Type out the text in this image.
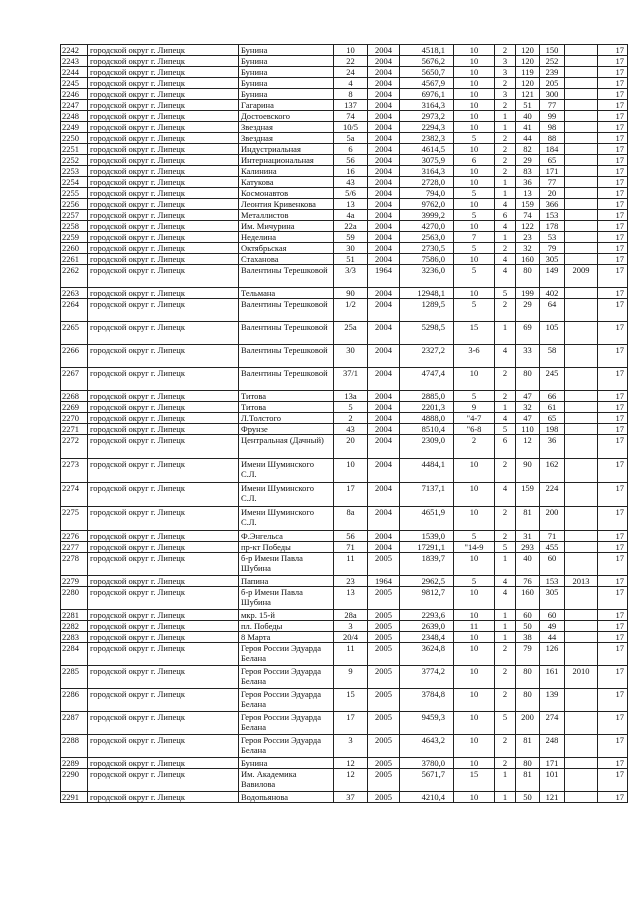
2242	городской округ г. Липецк	Бунина	10	2004	4518,1	10	2	120	150		17
2243	городской округ г. Липецк	Бунина	22	2004	5676,2	10	3	120	252		17
2244	городской округ г. Липецк	Бунина	24	2004	5650,7	10	3	119	239		17
2245	городской округ г. Липецк	Бунина	4	2004	4567,9	10	2	120	205		17
2246	городской округ г. Липецк	Бунина	8	2004	6976,1	10	3	121	300		17
2247	городской округ г. Липецк	Гагарина	137	2004	3164,3	10	2	51	77		17
2248	городской округ г. Липецк	Достоевского	74	2004	2973,2	10	1	40	99		17
2249	городской округ г. Липецк	Звездная	10/5	2004	2294,3	10	1	41	98		17
2250	городской округ г. Липецк	Звездная	5а	2004	2382,3	5	2	44	88		17
2251	городской округ г. Липецк	Индустриальная	6	2004	4614,5	10	2	82	184		17
2252	городской округ г. Липецк	Интернациональная	56	2004	3075,9	6	2	29	65		17
2253	городской округ г. Липецк	Калинина	16	2004	3164,3	10	2	83	171		17
2254	городской округ г. Липецк	Катукова	43	2004	2728,0	10	1	36	77		17
2255	городской округ г. Липецк	Космонавтов	5/6	2004	794,0	5	1	13	20		17
2256	городской округ г. Липецк	Леонтия Кривенкова	13	2004	9762,0	10	4	159	366		17
2257	городской округ г. Липецк	Металлистов	4а	2004	3999,2	5	6	74	153		17
2258	городской округ г. Липецк	Им. Мичурина	22а	2004	4270,0	10	4	122	178		17
2259	городской округ г. Липецк	Неделина	59	2004	2563,0	7	1	23	53		17
2260	городской округ г. Липецк	Октябрьская	30	2004	2730,5	5	2	32	79		17
2261	городской округ г. Липецк	Стаханова	51	2004	7586,0	10	4	160	305		17
2262	городской округ г. Липецк	Валентины Терешковой	3/3	1964	3236,0	5	4	80	149	2009	17
2263	городской округ г. Липецк	Тельмана	90	2004	12948,1	10	5	199	402		17
2264	городской округ г. Липецк	Валентины Терешковой	1/2	2004	1289,5	5	2	29	64		17
2265	городской округ г. Липецк	Валентины Терешковой	25а	2004	5298,5	15	1	69	105		17
2266	городской округ г. Липецк	Валентины Терешковой	30	2004	2327,2	3-6	4	33	58		17
2267	городской округ г. Липецк	Валентины Терешковой	37/1	2004	4747,4	10	2	80	245		17
2268	городской округ г. Липецк	Титова	13а	2004	2885,0	5	2	47	66		17
2269	городской округ г. Липецк	Титова	5	2004	2201,3	9	1	32	61		17
2270	городской округ г. Липецк	Л.Толстого	2	2004	4888,0	"4-7	4	47	65		17
2271	городской округ г. Липецк	Фрунзе	43	2004	8510,4	"6-8	5	110	198		17
2272	городской округ г. Липецк	Центральная (Дачный)	20	2004	2309,0	2	6	12	36		17
2273	городской округ г. Липецк	Имени Шуминского С.Л.	10	2004	4484,1	10	2	90	162		17
2274	городской округ г. Липецк	Имени Шуминского С.Л.	17	2004	7137,1	10	4	159	224		17
2275	городской округ г. Липецк	Имени Шуминского С.Л.	8а	2004	4651,9	10	2	81	200		17
2276	городской округ г. Липецк	Ф.Энгельса	56	2004	1539,0	5	2	31	71		17
2277	городской округ г. Липецк	пр-кт Победы	71	2004	17291,1	"14-9	5	293	455		17
2278	городской округ г. Липецк	б-р Имени Павла Шубина	11	2005	1839,7	10	1	40	60		17
2279	городской округ г. Липецк	Папина	23	1964	2962,5	5	4	76	153	2013	17
2280	городской округ г. Липецк	б-р Имени Павла Шубина	13	2005	9812,7	10	4	160	305		17
2281	городской округ г. Липецк	мкр. 15-й	28а	2005	2293,6	10	1	60	60		17
2282	городской округ г. Липецк	пл. Победы	3	2005	2639,0	11	1	50	49		17
2283	городской округ г. Липецк	8 Марта	20/4	2005	2348,4	10	1	38	44		17
2284	городской округ г. Липецк	Героя России Эдуарда Белана	11	2005	3624,8	10	2	79	126		17
2285	городской округ г. Липецк	Героя России Эдуарда Белана	9	2005	3774,2	10	2	80	161	2010	17
2286	городской округ г. Липецк	Героя России Эдуарда Белана	15	2005	3784,8	10	2	80	139		17
2287	городской округ г. Липецк	Героя России Эдуарда Белана	17	2005	9459,3	10	5	200	274		17
2288	городской округ г. Липецк	Героя России Эдуарда Белана	3	2005	4643,2	10	2	81	248		17
2289	городской округ г. Липецк	Бунина	12	2005	3780,0	10	2	80	171		17
2290	городской округ г. Липецк	Им. Академика Вавилова	12	2005	5671,7	15	1	81	101		17
2291	городской округ г. Липецк	Водопьянова	37	2005	4210,4	10	1	50	121		17
